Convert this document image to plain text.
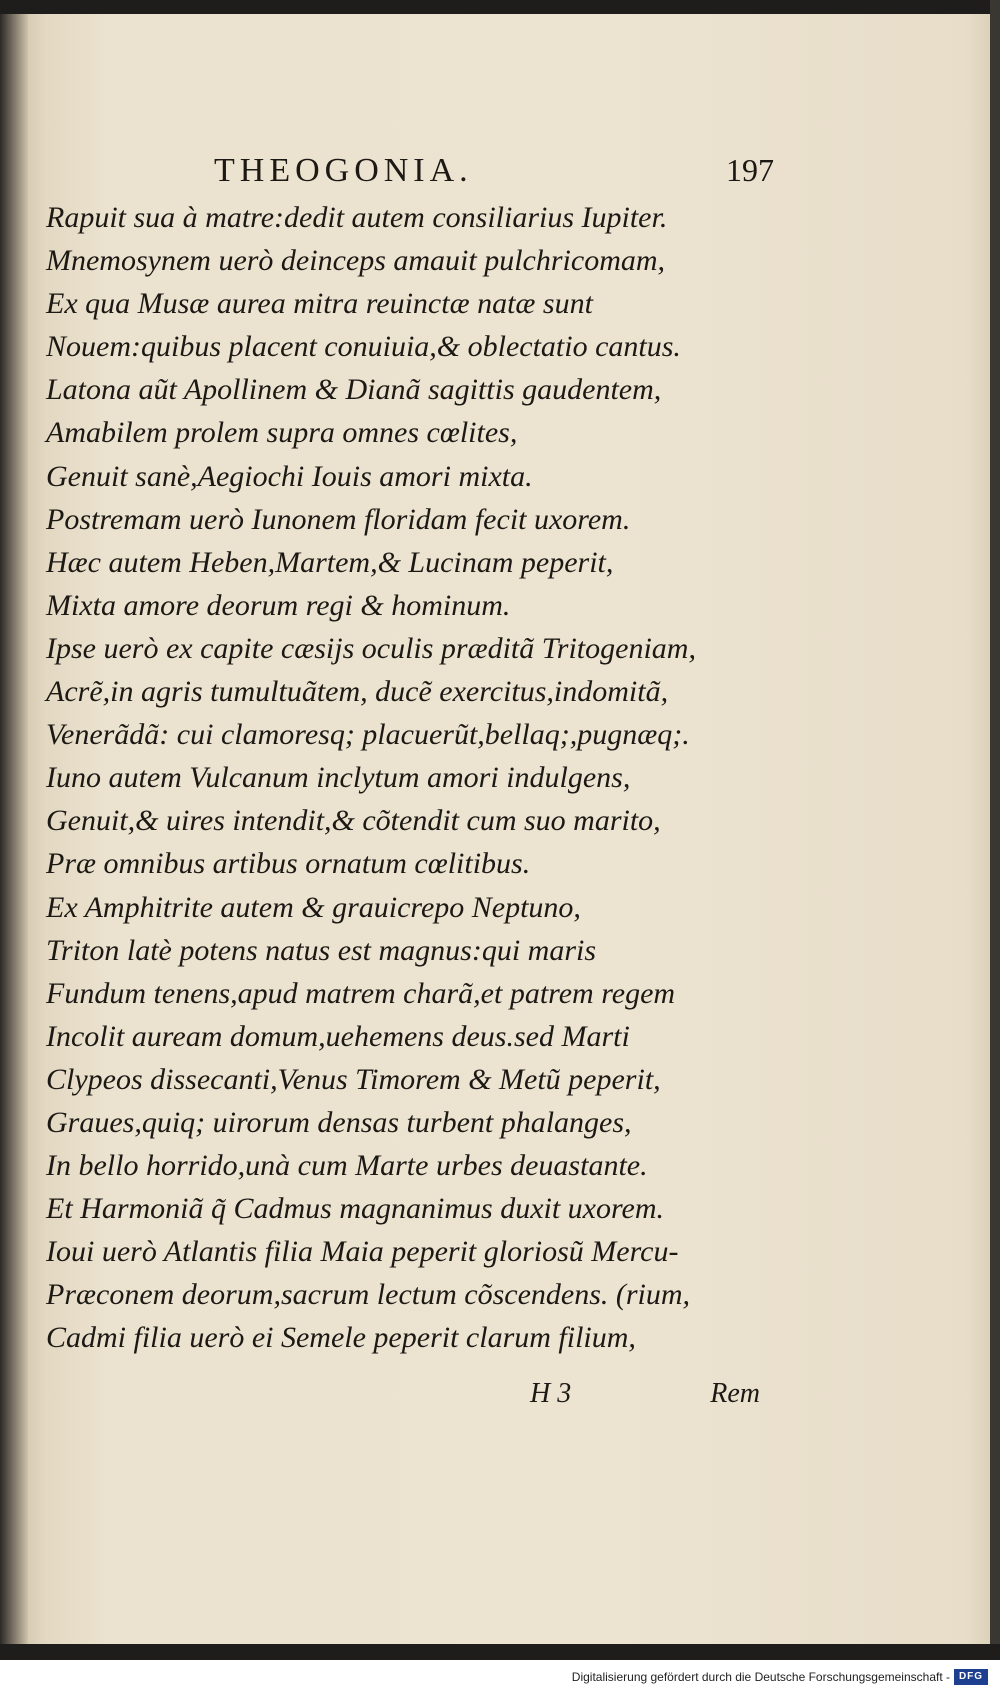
THEOGONIA.	197
Rapuit sua à matre:dedit autem consiliarius Iupiter.
Mnemosynem uerò deinceps amauit pulchricomam,
Ex qua Musæ aurea mitra reuinctæ natæ sunt
Nouem:quibus placent conuiuia,& oblectatio cantus.
Latona aũt Apollinem & Dianã sagittis gaudentem,
Amabilem prolem supra omnes cœlites,
Genuit sanè,Aegiochi Iouis amori mixta.
Postremam uerò Iunonem floridam fecit uxorem.
Hæc autem Heben,Martem,& Lucinam peperit,
Mixta amore deorum regi & hominum.
Ipse uerò ex capite cæsijs oculis præditã Tritogeniam,
Acrẽ,in agris tumultuãtem, ducẽ exercitus,indomitã,
Venerãdã: cui clamoresq; placuerũt,bellaq;,pugnæq;.
Iuno autem Vulcanum inclytum amori indulgens,
Genuit,& uires intendit,& cõtendit cum suo marito,
Præ omnibus artibus ornatum cœlitibus.
Ex Amphitrite autem & grauicrepo Neptuno,
Triton latè potens natus est magnus:qui maris
Fundum tenens,apud matrem charã,et patrem regem
Incolit auream domum,uehemens deus.sed Marti
Clypeos dissecanti,Venus Timorem & Metũ peperit,
Graues,quiq; uirorum densas turbent phalanges,
In bello horrido,unà cum Marte urbes deuastante.
Et Harmoniã q̃ Cadmus magnanimus duxit uxorem.
Ioui uerò Atlantis filia Maia peperit gloriosũ Mercu-
Præconem deorum,sacrum lectum cõscendens. (rium,
Cadmi filia uerò ei Semele peperit clarum filium,
H 3	Rem
Digitalisierung gefördert durch die Deutsche Forschungsgemeinschaft - DFG
